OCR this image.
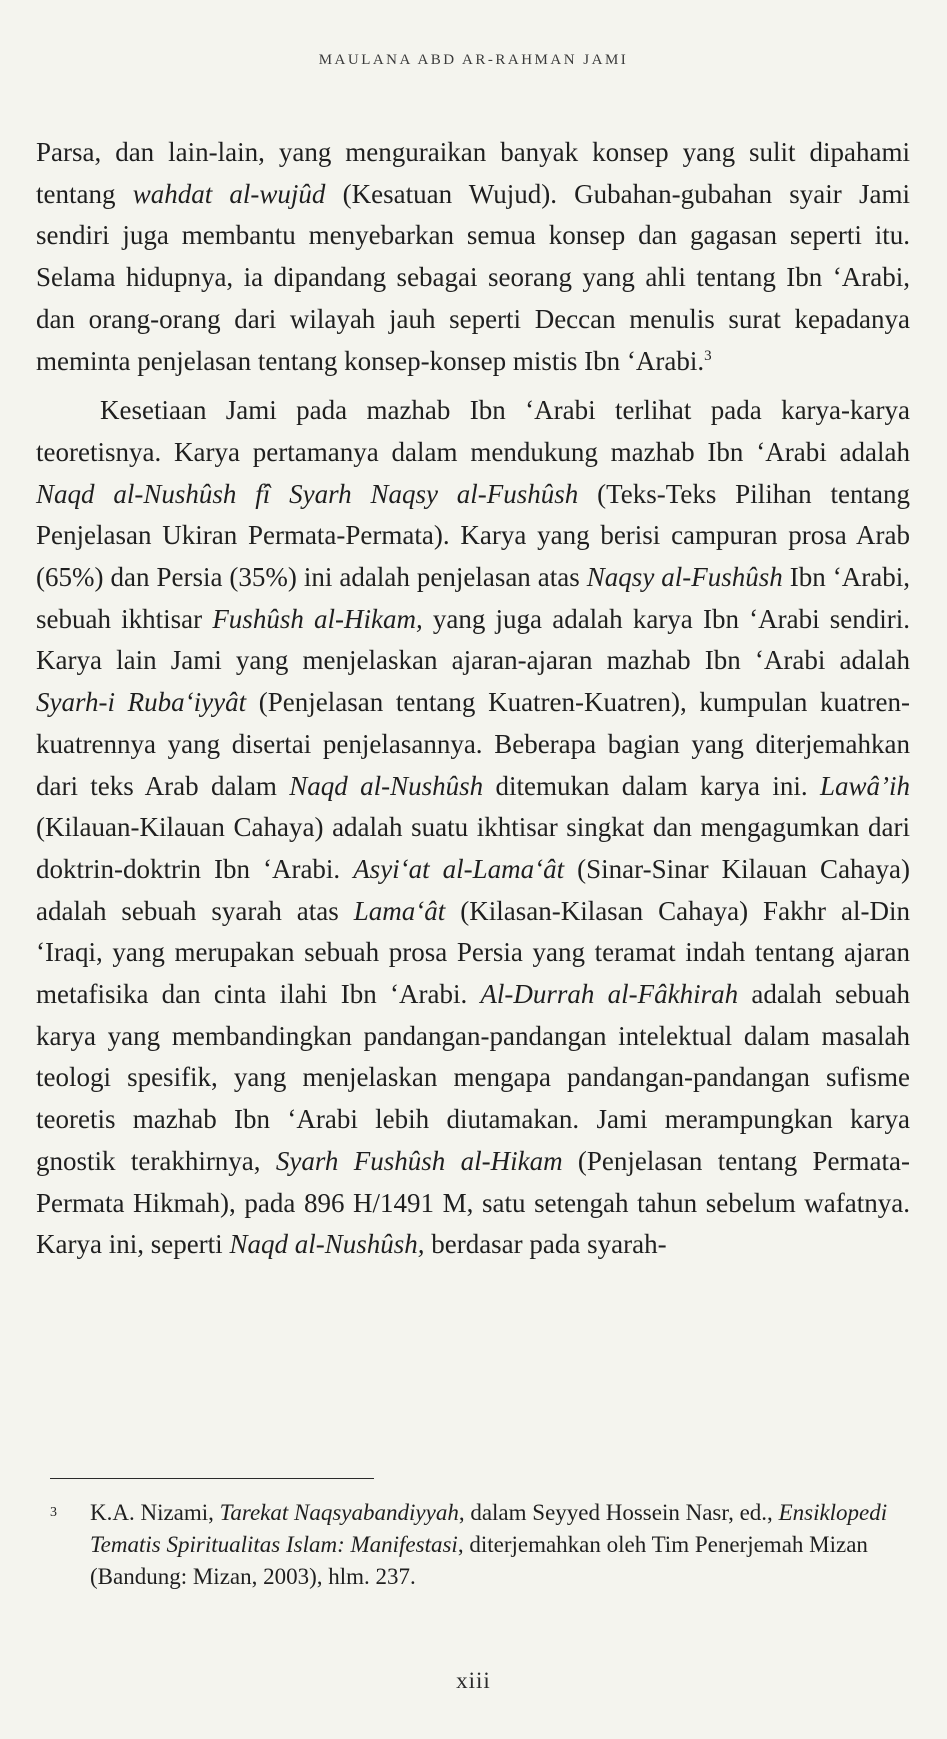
MAULANA ABD AR-RAHMAN JAMI

Parsa, dan lain-lain, yang menguraikan banyak konsep yang sulit dipahami tentang wahdat al-wujûd (Kesatuan Wujud). Gubahan-gubahan syair Jami sendiri juga membantu menyebarkan semua konsep dan gagasan seperti itu. Selama hidupnya, ia dipandang sebagai seorang yang ahli tentang Ibn ‘Arabi, dan orang-orang dari wilayah jauh seperti Deccan menulis surat kepadanya meminta penjelasan tentang konsep-konsep mistis Ibn ‘Arabi.$^3$

Kesetiaan Jami pada mazhab Ibn ‘Arabi terlihat pada karya-karya teoretisnya. Karya pertamanya dalam mendukung mazhab Ibn ‘Arabi adalah Naqd al-Nushûsh fî Syarh Naqsy al-Fushûsh (Teks-Teks Pilihan tentang Penjelasan Ukiran Permata-Permata). Karya yang berisi campuran prosa Arab (65%) dan Persia (35%) ini adalah penjelasan atas Naqsy al-Fushûsh Ibn ‘Arabi, sebuah ikhtisar Fushûsh al-Hikam, yang juga adalah karya Ibn ‘Arabi sendiri. Karya lain Jami yang menjelaskan ajaran-ajaran mazhab Ibn ‘Arabi adalah Syarh-i Ruba‘iyyât (Penjelasan tentang Kuatren-Kuatren), kumpulan kuatren-kuatrennya yang disertai penjelasannya. Beberapa bagian yang diterjemahkan dari teks Arab dalam Naqd al-Nushûsh ditemukan dalam karya ini. Lawâ’ih (Kilauan-Kilauan Cahaya) adalah suatu ikhtisar singkat dan mengagumkan dari doktrin-doktrin Ibn ‘Arabi. Asyi‘at al-Lama‘ât (Sinar-Sinar Kilauan Cahaya) adalah sebuah syarah atas Lama‘ât (Kilasan-Kilasan Cahaya) Fakhr al-Din ‘Iraqi, yang merupakan sebuah prosa Persia yang teramat indah tentang ajaran metafisika dan cinta ilahi Ibn ‘Arabi. Al-Durrah al-Fâkhirah adalah sebuah karya yang membandingkan pandangan-pandangan intelektual dalam masalah teologi spesifik, yang menjelaskan mengapa pandangan-pandangan sufisme teoretis mazhab Ibn ‘Arabi lebih diutamakan. Jami merampungkan karya gnostik terakhirnya, Syarh Fushûsh al-Hikam (Penjelasan tentang Permata-Permata Hikmah), pada 896 H/1491 M, satu setengah tahun sebelum wafatnya. Karya ini, seperti Naqd al-Nushûsh, berdasar pada syarah-

3 K.A. Nizami, Tarekat Naqsyabandiyyah, dalam Seyyed Hossein Nasr, ed., Ensiklopedi Tematis Spiritualitas Islam: Manifestasi, diterjemahkan oleh Tim Penerjemah Mizan (Bandung: Mizan, 2003), hlm. 237.
xiii
